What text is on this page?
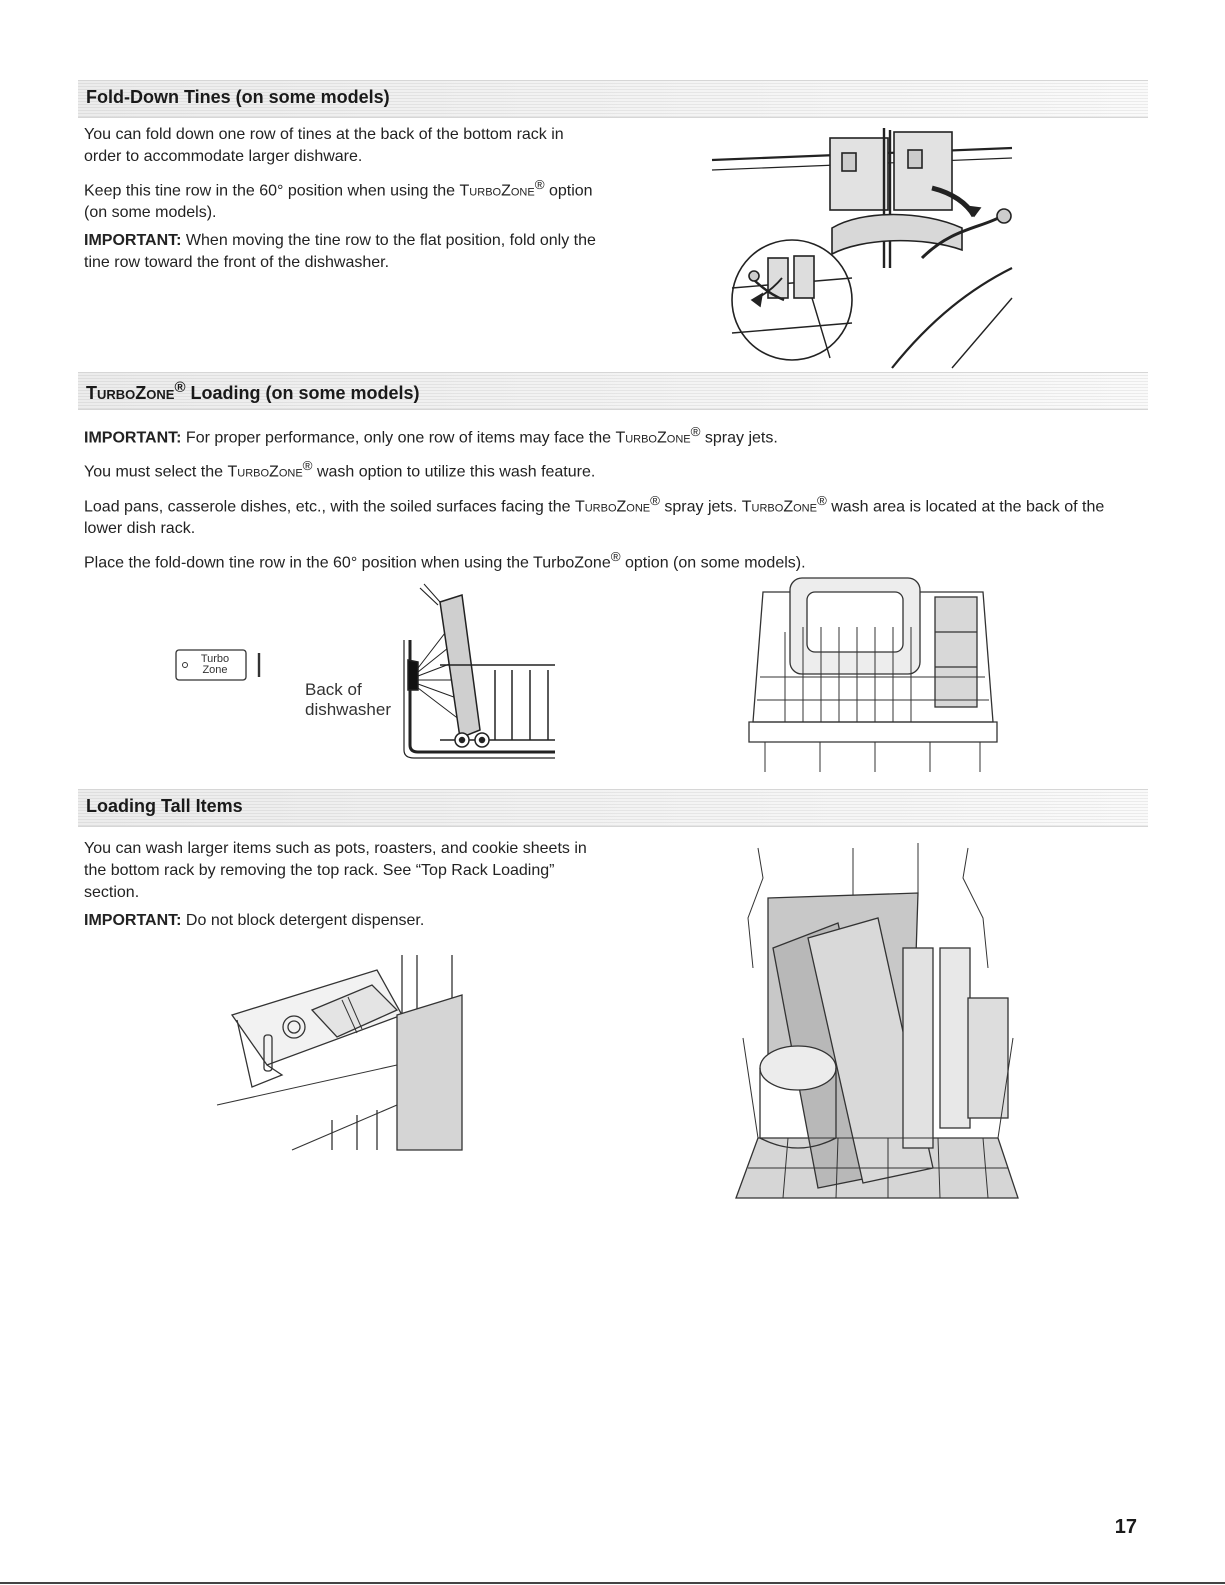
Fold-Down Tines (on some models)

You can fold down one row of tines at the back of the bottom rack in order to accommodate larger dishware.

Keep this tine row in the 60° position when using the TurboZone® option (on some models).

IMPORTANT: When moving the tine row to the flat position, fold only the tine row toward the front of the dishwasher.

TurboZone® Loading (on some models)

IMPORTANT: For proper performance, only one row of items may face the TurboZone® spray jets.

You must select the TurboZone® wash option to utilize this wash feature.

Load pans, casserole dishes, etc., with the soiled surfaces facing the TurboZone® spray jets. TurboZone® wash area is located at the back of the lower dish rack.

Place the fold-down tine row in the 60° position when using the TurboZone® option (on some models).

Turbo
Zone
Back of
dishwasher
Loading Tall Items

You can wash larger items such as pots, roasters, and cookie sheets in the bottom rack by removing the top rack. See “Top Rack Loading” section.

IMPORTANT: Do not block detergent dispenser.

17
